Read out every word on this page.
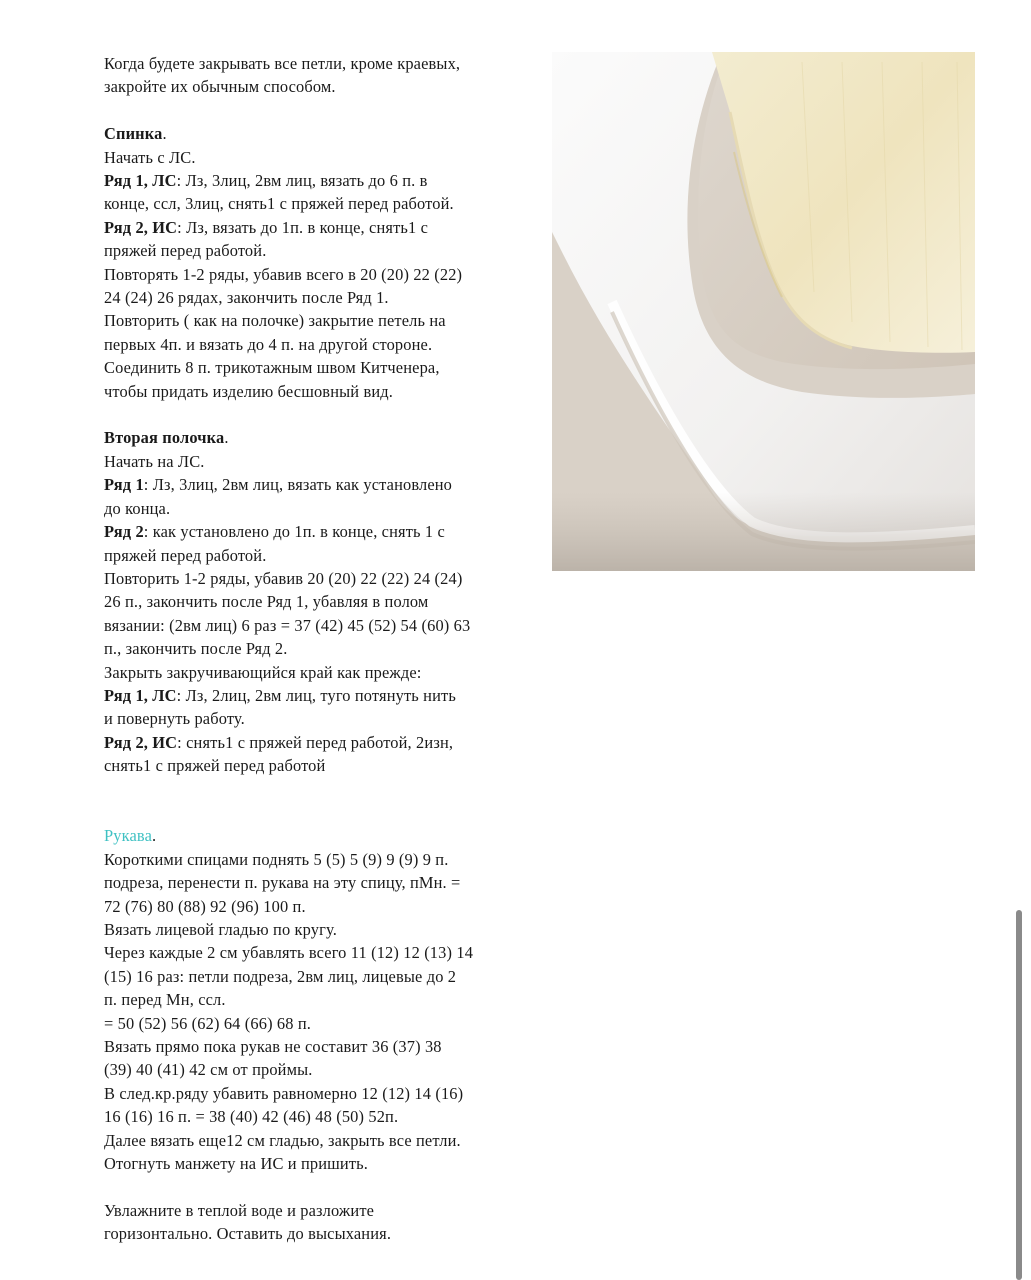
Когда будете закрывать все петли, кроме краевых,
закройте их обычным способом.
Спинка.
Начать с ЛС.
Ряд 1, ЛС: Лз, 3лиц, 2вм лиц, вязать до 6 п. в
конце, ссл, 3лиц, снять1 с пряжей перед работой.
Ряд 2, ИС: Лз, вязать до 1п. в конце, снять1 с
пряжей перед работой.
Повторять 1-2 ряды, убавив всего в 20 (20) 22 (22)
24 (24) 26 рядах, закончить после Ряд 1.
Повторить ( как на полочке) закрытие петель на
первых 4п. и вязать до 4 п. на другой стороне.
Соединить 8 п. трикотажным швом Китченера,
чтобы придать изделию бесшовный вид.
Вторая полочка.
Начать на ЛС.
Ряд 1: Лз, 3лиц, 2вм лиц, вязать как установлено
до конца.
Ряд 2: как установлено до 1п. в конце, снять 1 с
пряжей перед работой.
Повторить 1-2 ряды, убавив 20 (20) 22 (22) 24 (24)
26 п., закончить после Ряд 1, убавляя в полом
вязании: (2вм лиц) 6 раз = 37 (42) 45 (52) 54 (60) 63
п., закончить после Ряд 2.
Закрыть закручивающийся край как прежде:
Ряд 1, ЛС: Лз, 2лиц, 2вм лиц, туго потянуть нить
и повернуть работу.
Ряд 2, ИС: снять1 с пряжей перед работой, 2изн,
снять1 с пряжей перед работой
Рукава.
Короткими спицами поднять 5 (5) 5 (9) 9 (9) 9 п.
подреза, перенести п. рукава на эту спицу, пМн. =
72 (76) 80 (88) 92 (96) 100 п.
Вязать лицевой гладью по кругу.
Через каждые 2 см убавлять всего 11 (12) 12 (13) 14
(15) 16 раз: петли подреза, 2вм лиц, лицевые до 2
п. перед Мн, ссл.
= 50 (52) 56 (62) 64 (66) 68 п.
Вязать прямо пока рукав не составит 36 (37) 38
(39) 40 (41) 42 см от проймы.
В след.кр.ряду убавить равномерно 12 (12) 14 (16)
16 (16) 16 п. = 38 (40) 42 (46) 48 (50) 52п.
Далее вязать еще12 см гладью, закрыть все петли.
Отогнуть манжету на ИС и пришить.
Увлажните в теплой воде и разложите
горизонтально. Оставить до высыхания.
